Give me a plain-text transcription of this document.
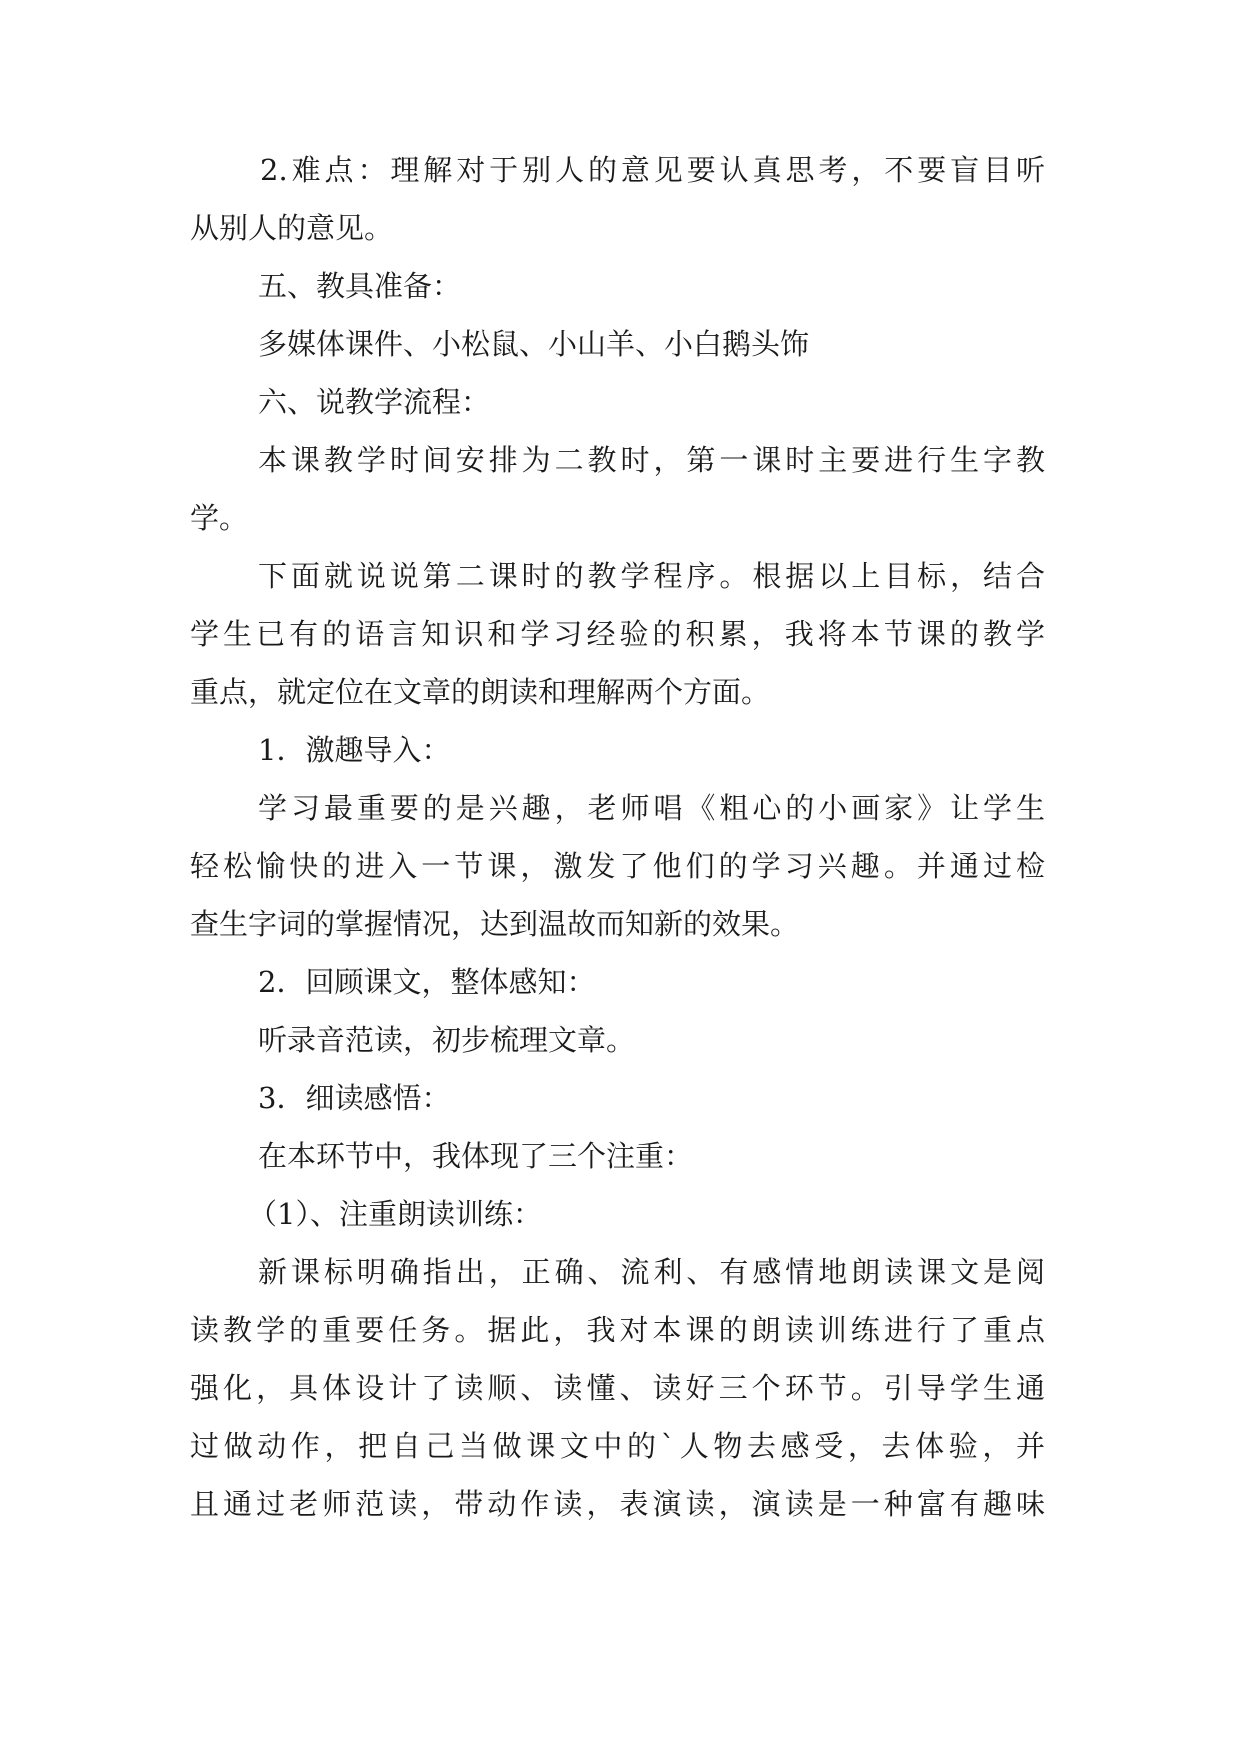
2.难点：理解对于别人的意见要认真思考，不要盲目听
从别人的意见。
五、教具准备：
多媒体课件、小松鼠、小山羊、小白鹅头饰
六、说教学流程：
本课教学时间安排为二教时，第一课时主要进行生字教
学。
下面就说说第二课时的教学程序。根据以上目标，结合
学生已有的语言知识和学习经验的积累，我将本节课的教学
重点，就定位在文章的朗读和理解两个方面。
1．激趣导入：
学习最重要的是兴趣，老师唱《粗心的小画家》让学生
轻松愉快的进入一节课，激发了他们的学习兴趣。并通过检
查生字词的掌握情况，达到温故而知新的效果。
2．回顾课文，整体感知：
听录音范读，初步梳理文章。
3．细读感悟：
在本环节中，我体现了三个注重：
（1）、注重朗读训练：
新课标明确指出，正确、流利、有感情地朗读课文是阅
读教学的重要任务。据此，我对本课的朗读训练进行了重点
强化，具体设计了读顺、读懂、读好三个环节。引导学生通
过做动作，把自己当做课文中的`人物去感受，去体验，并
且通过老师范读，带动作读，表演读，演读是一种富有趣味
